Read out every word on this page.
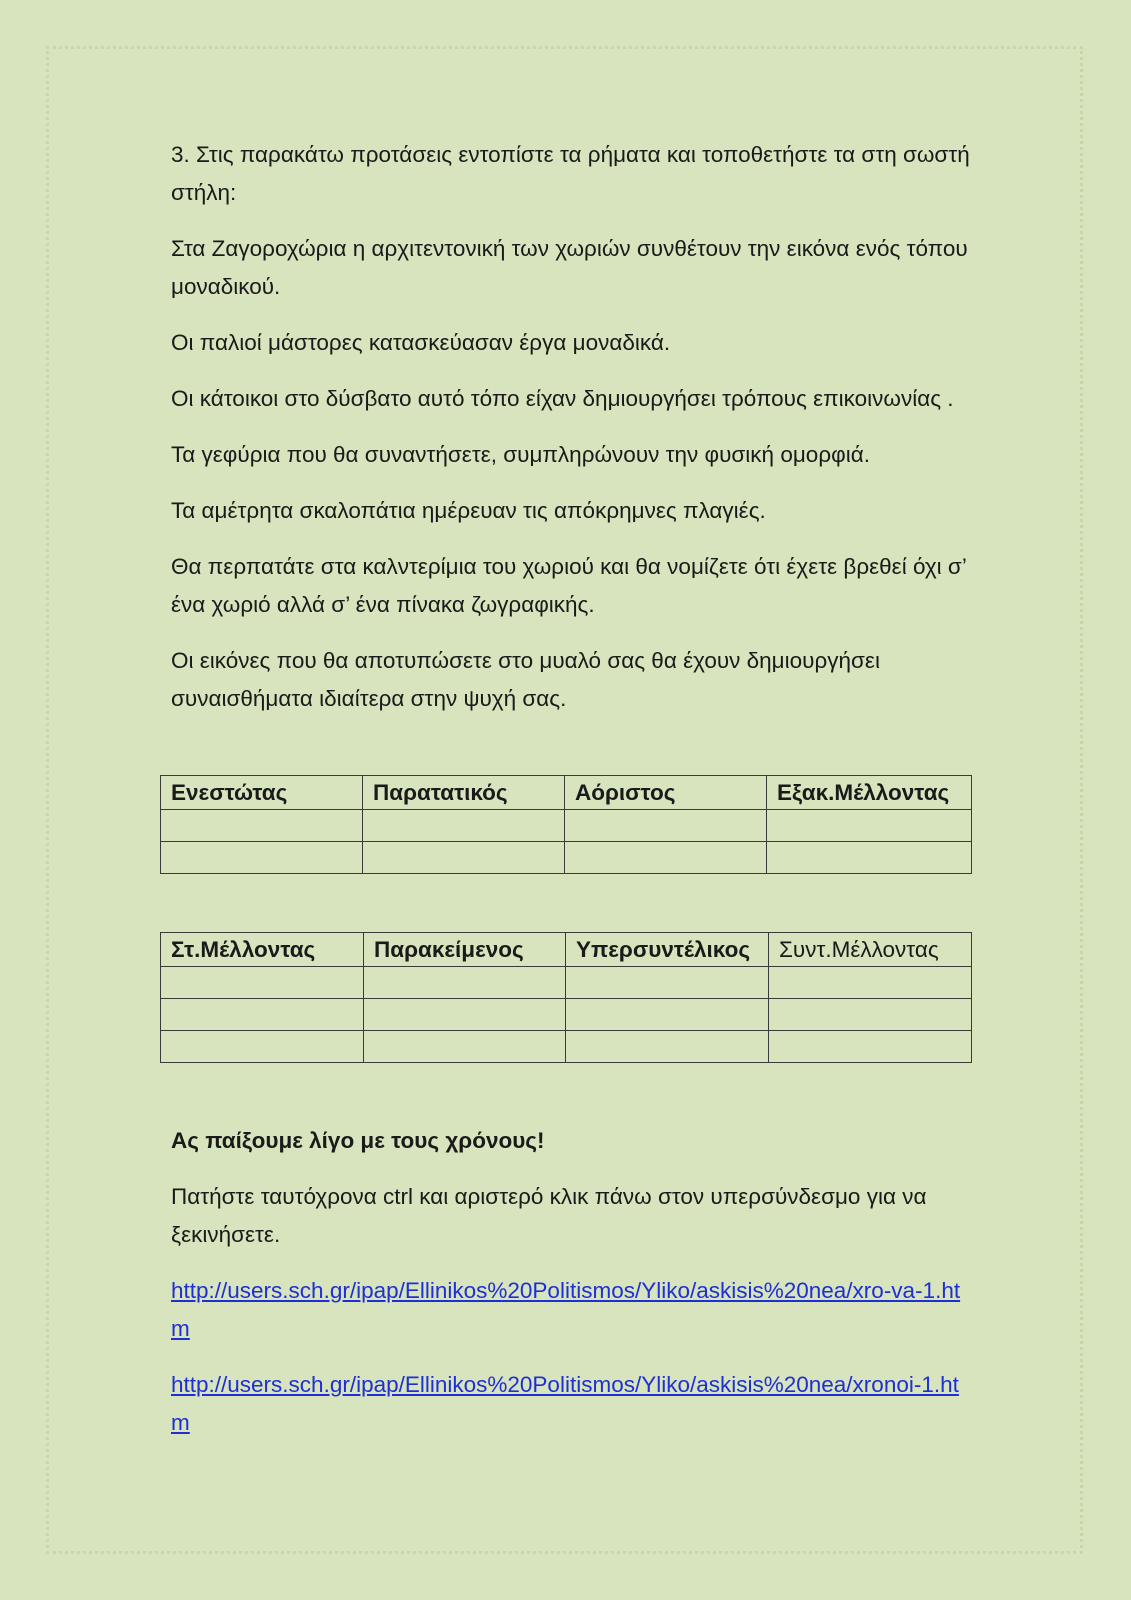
3. Στις παρακάτω προτάσεις εντοπίστε τα ρήματα και τοποθετήστε τα στη σωστή στήλη:

Στα Ζαγοροχώρια η αρχιτεντονική των χωριών συνθέτουν την εικόνα ενός τόπου μοναδικού.

Οι παλιοί μάστορες κατασκεύασαν έργα μοναδικά.

Οι κάτοικοι στο δύσβατο αυτό τόπο είχαν δημιουργήσει τρόπους επικοινωνίας .

Τα γεφύρια που θα συναντήσετε, συμπληρώνουν την φυσική ομορφιά.

Τα αμέτρητα σκαλοπάτια ημέρευαν τις απόκρημνες πλαγιές.

Θα περπατάτε στα καλντερίμια του χωριού και θα νομίζετε ότι έχετε βρεθεί όχι σ’ ένα χωριό αλλά σ’ ένα πίνακα ζωγραφικής.

Οι εικόνες που θα αποτυπώσετε στο μυαλό σας θα έχουν δημιουργήσει συναισθήματα ιδιαίτερα στην ψυχή σας.

Ενεστώτας	Παρατατικός	Αόριστος	Εξακ.Μέλλοντας

Στ.Μέλλοντας	Παρακείμενος	Υπερσυντέλικος	Συντ.Μέλλοντας

Ας παίξουμε λίγο με τους χρόνους!

Πατήστε ταυτόχρονα ctrl και αριστερό κλικ πάνω στον υπερσύνδεσμο για να ξεκινήσετε.

http://users.sch.gr/ipap/Ellinikos%20Politismos/Yliko/askisis%20nea/xro-va-1.htm

http://users.sch.gr/ipap/Ellinikos%20Politismos/Yliko/askisis%20nea/xronoi-1.htm
